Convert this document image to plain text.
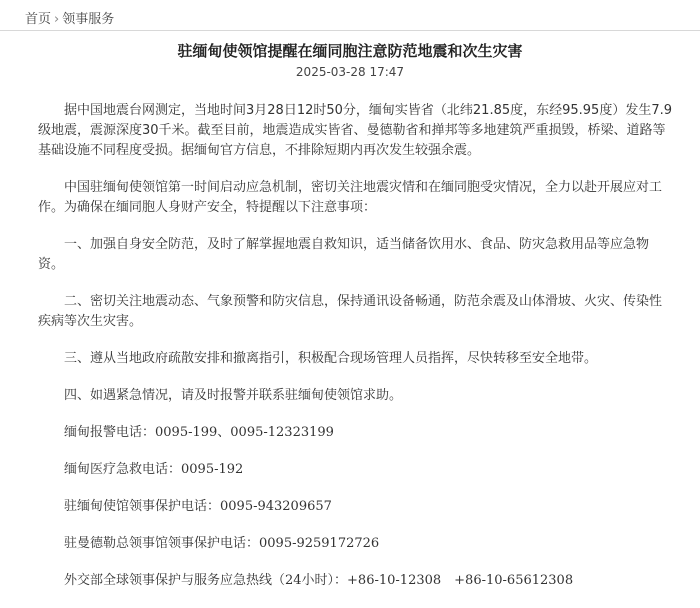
首页 › 领事服务
驻缅甸使领馆提醒在缅同胞注意防范地震和次生灾害
2025-03-28 17:47

据中国地震台网测定，当地时间3月28日12时50分，缅甸实皆省（北纬21.85度，东经95.95度）发生7.9级地震，震源深度30千米。截至目前，地震造成实皆省、曼德勒省和掸邦等多地建筑严重损毁，桥梁、道路等基础设施不同程度受损。据缅甸官方信息，不排除短期内再次发生较强余震。

中国驻缅甸使领馆第一时间启动应急机制，密切关注地震灾情和在缅同胞受灾情况，全力以赴开展应对工作。为确保在缅同胞人身财产安全，特提醒以下注意事项：

一、加强自身安全防范，及时了解掌握地震自救知识，适当储备饮用水、食品、防灾急救用品等应急物资。

二、密切关注地震动态、气象预警和防灾信息，保持通讯设备畅通，防范余震及山体滑坡、火灾、传染性疾病等次生灾害。

三、遵从当地政府疏散安排和撤离指引，积极配合现场管理人员指挥，尽快转移至安全地带。

四、如遇紧急情况，请及时报警并联系驻缅甸使领馆求助。

缅甸报警电话：0095-199、0095-12323199

缅甸医疗急救电话：0095-192

驻缅甸使馆领事保护电话：0095-943209657

驻曼德勒总领事馆领事保护电话：0095-9259172726

外交部全球领事保护与服务应急热线（24小时）：+86-10-12308　+86-10-65612308
